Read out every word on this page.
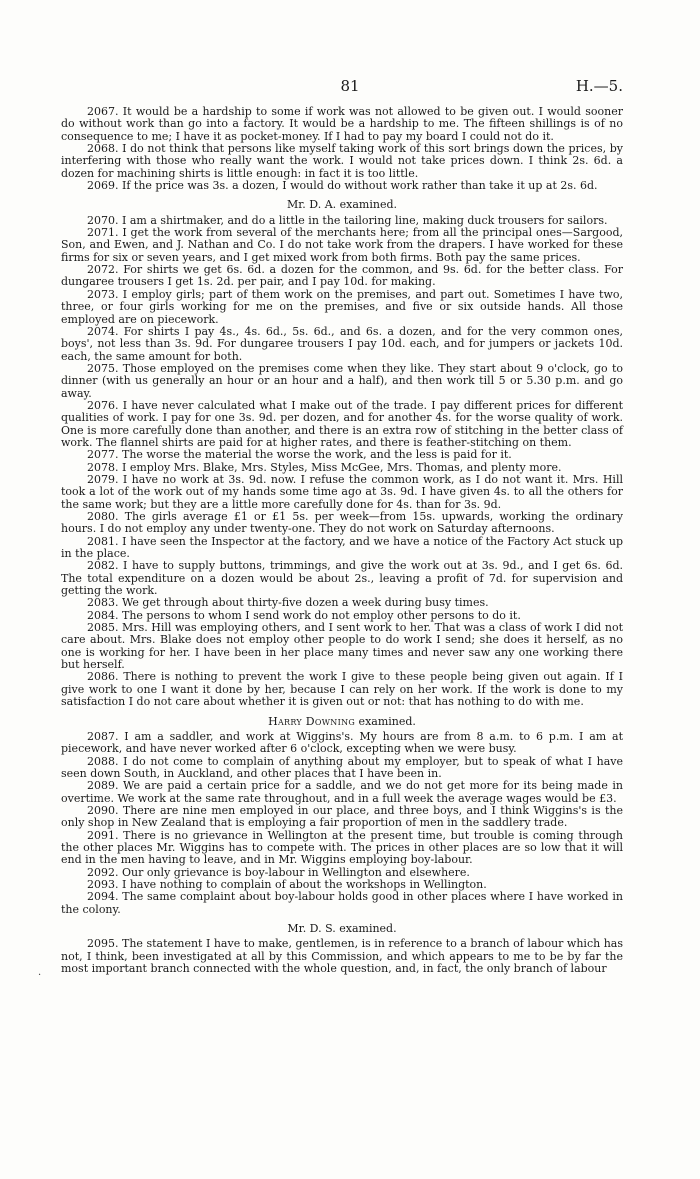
81	H.—5.

2067. It would be a hardship to some if work was not allowed to be given out. I would sooner do without work than go into a factory. It would be a hardship to me. The fifteen shillings is of no consequence to me; I have it as pocket-money. If I had to pay my board I could not do it.

2068. I do not think that persons like myself taking work of this sort brings down the prices, by interfering with those who really want the work. I would not take prices down. I think 2s. 6d. a dozen for machining shirts is little enough: in fact it is too little.

2069. If the price was 3s. a dozen, I would do without work rather than take it up at 2s. 6d.

Mr. D. A. examined.

2070. I am a shirtmaker, and do a little in the tailoring line, making duck trousers for sailors.

2071. I get the work from several of the merchants here; from all the principal ones—Sargood, Son, and Ewen, and J. Nathan and Co. I do not take work from the drapers. I have worked for these firms for six or seven years, and I get mixed work from both firms. Both pay the same prices.

2072. For shirts we get 6s. 6d. a dozen for the common, and 9s. 6d. for the better class. For dungaree trousers I get 1s. 2d. per pair, and I pay 10d. for making.

2073. I employ girls; part of them work on the premises, and part out. Sometimes I have two, three, or four girls working for me on the premises, and five or six outside hands. All those employed are on piecework.

2074. For shirts I pay 4s., 4s. 6d., 5s. 6d., and 6s. a dozen, and for the very common ones, boys', not less than 3s. 9d. For dungaree trousers I pay 10d. each, and for jumpers or jackets 10d. each, the same amount for both.

2075. Those employed on the premises come when they like. They start about 9 o'clock, go to dinner (with us generally an hour or an hour and a half), and then work till 5 or 5.30 p.m. and go away.

2076. I have never calculated what I make out of the trade. I pay different prices for different qualities of work. I pay for one 3s. 9d. per dozen, and for another 4s. for the worse quality of work. One is more carefully done than another, and there is an extra row of stitching in the better class of work. The flannel shirts are paid for at higher rates, and there is feather-stitching on them.

2077. The worse the material the worse the work, and the less is paid for it.

2078. I employ Mrs. Blake, Mrs. Styles, Miss McGee, Mrs. Thomas, and plenty more.

2079. I have no work at 3s. 9d. now. I refuse the common work, as I do not want it. Mrs. Hill took a lot of the work out of my hands some time ago at 3s. 9d. I have given 4s. to all the others for the same work; but they are a little more carefully done for 4s. than for 3s. 9d.

2080. The girls average £1 or £1 5s. per week—from 15s. upwards, working the ordinary hours. I do not employ any under twenty-one. They do not work on Saturday afternoons.

2081. I have seen the Inspector at the factory, and we have a notice of the Factory Act stuck up in the place.

2082. I have to supply buttons, trimmings, and give the work out at 3s. 9d., and I get 6s. 6d. The total expenditure on a dozen would be about 2s., leaving a profit of 7d. for supervision and getting the work.

2083. We get through about thirty-five dozen a week during busy times.

2084. The persons to whom I send work do not employ other persons to do it.

2085. Mrs. Hill was employing others, and I sent work to her. That was a class of work I did not care about. Mrs. Blake does not employ other people to do work I send; she does it herself, as no one is working for her. I have been in her place many times and never saw any one working there but herself.

2086. There is nothing to prevent the work I give to these people being given out again. If I give work to one I want it done by her, because I can rely on her work. If the work is done to my satisfaction I do not care about whether it is given out or not: that has nothing to do with me.

Harry Downing examined.

2087. I am a saddler, and work at Wiggins's. My hours are from 8 a.m. to 6 p.m. I am at piecework, and have never worked after 6 o'clock, excepting when we were busy.

2088. I do not come to complain of anything about my employer, but to speak of what I have seen down South, in Auckland, and other places that I have been in.

2089. We are paid a certain price for a saddle, and we do not get more for its being made in overtime. We work at the same rate throughout, and in a full week the average wages would be £3.

2090. There are nine men employed in our place, and three boys, and I think Wiggins's is the only shop in New Zealand that is employing a fair proportion of men in the saddlery trade.

2091. There is no grievance in Wellington at the present time, but trouble is coming through the other places Mr. Wiggins has to compete with. The prices in other places are so low that it will end in the men having to leave, and in Mr. Wiggins employing boy-labour.

2092. Our only grievance is boy-labour in Wellington and elsewhere.

2093. I have nothing to complain of about the workshops in Wellington.

2094. The same complaint about boy-labour holds good in other places where I have worked in the colony.

Mr. D. S. examined.

2095. The statement I have to make, gentlemen, is in reference to a branch of labour which has not, I think, been investigated at all by this Commission, and which appears to me to be by far the most important branch connected with the whole question, and, in fact, the only branch of labour

·
